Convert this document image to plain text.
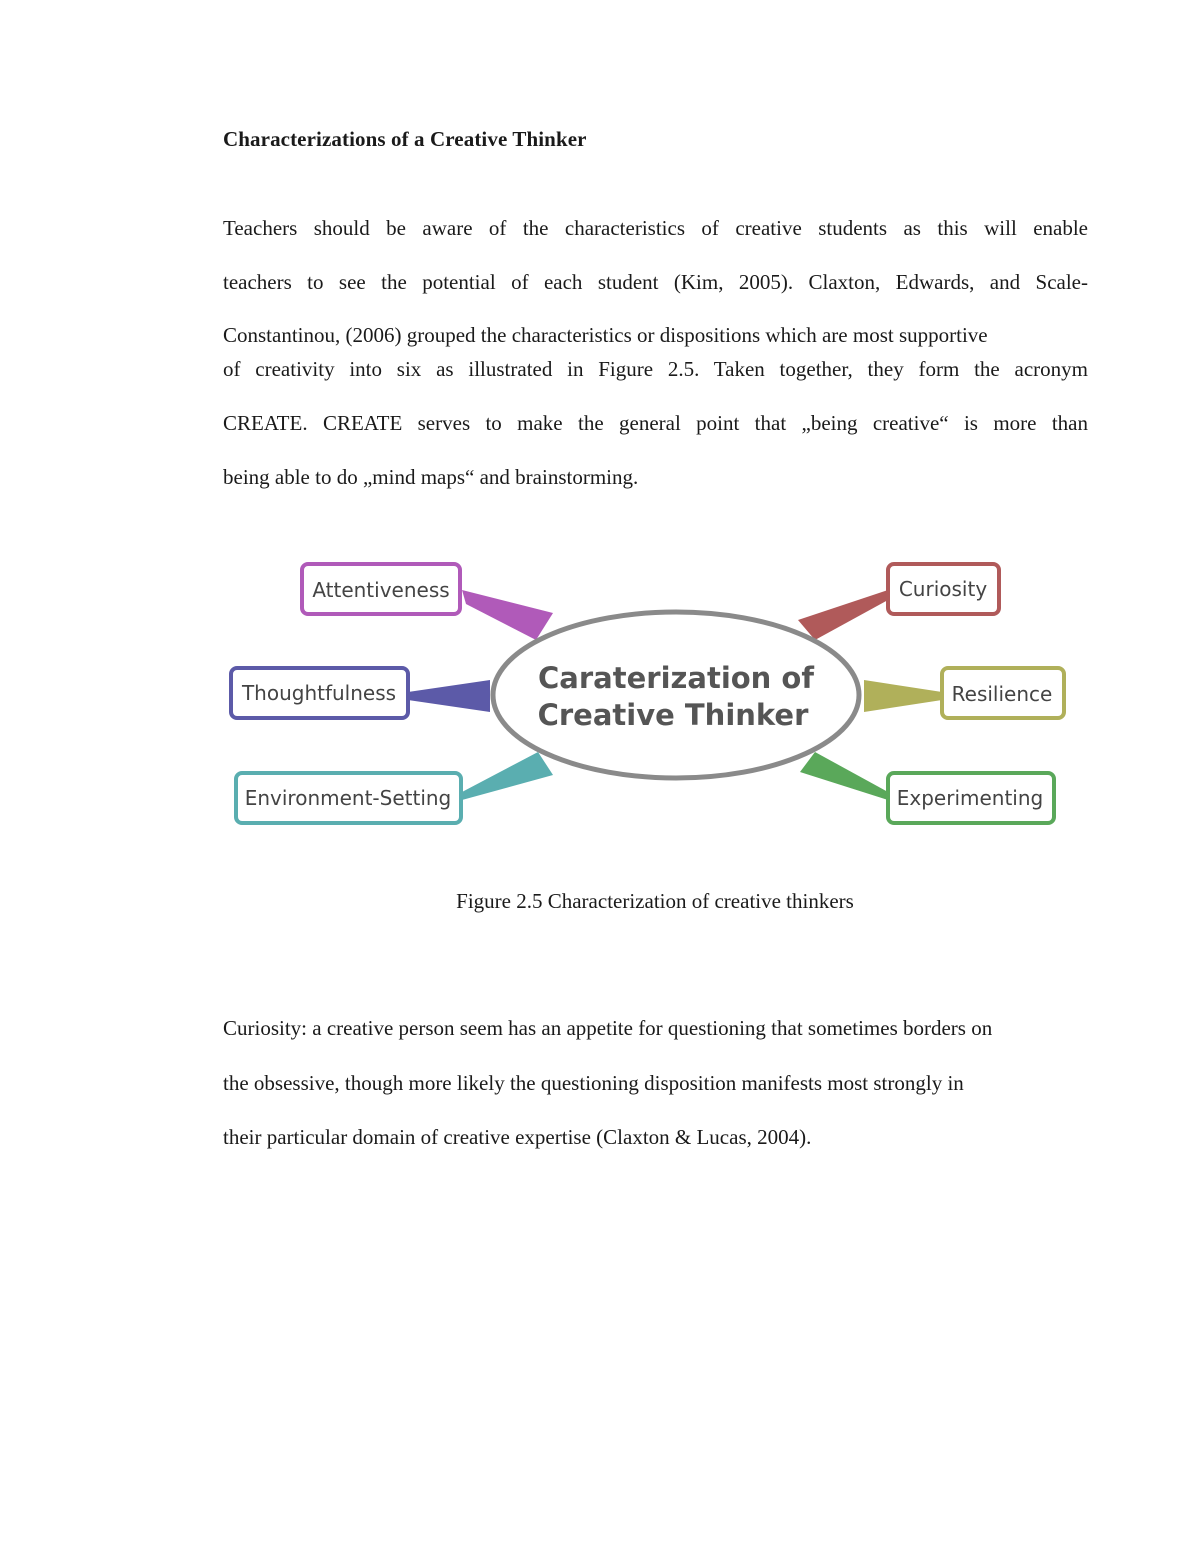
Characterizations of a Creative Thinker
Teachers should be aware of the characteristics of creative students as this will enable
teachers to see the potential of each student (Kim, 2005). Claxton, Edwards, and Scale-
Constantinou, (2006) grouped the characteristics or dispositions which are most supportive
of creativity into six as illustrated in Figure 2.5. Taken together, they form the acronym
CREATE. CREATE serves to make the general point that „being creative“ is more than
being able to do „mind maps“ and brainstorming.
Caraterization of
Creative Thinker
Attentiveness
Thoughtfulness
Environment-Setting
Curiosity
Resilience
Experimenting
Figure 2.5 Characterization of creative thinkers
Curiosity: a creative person seem has an appetite for questioning that sometimes borders on
the obsessive, though more likely the questioning disposition manifests most strongly in
their particular domain of creative expertise (Claxton & Lucas, 2004).
